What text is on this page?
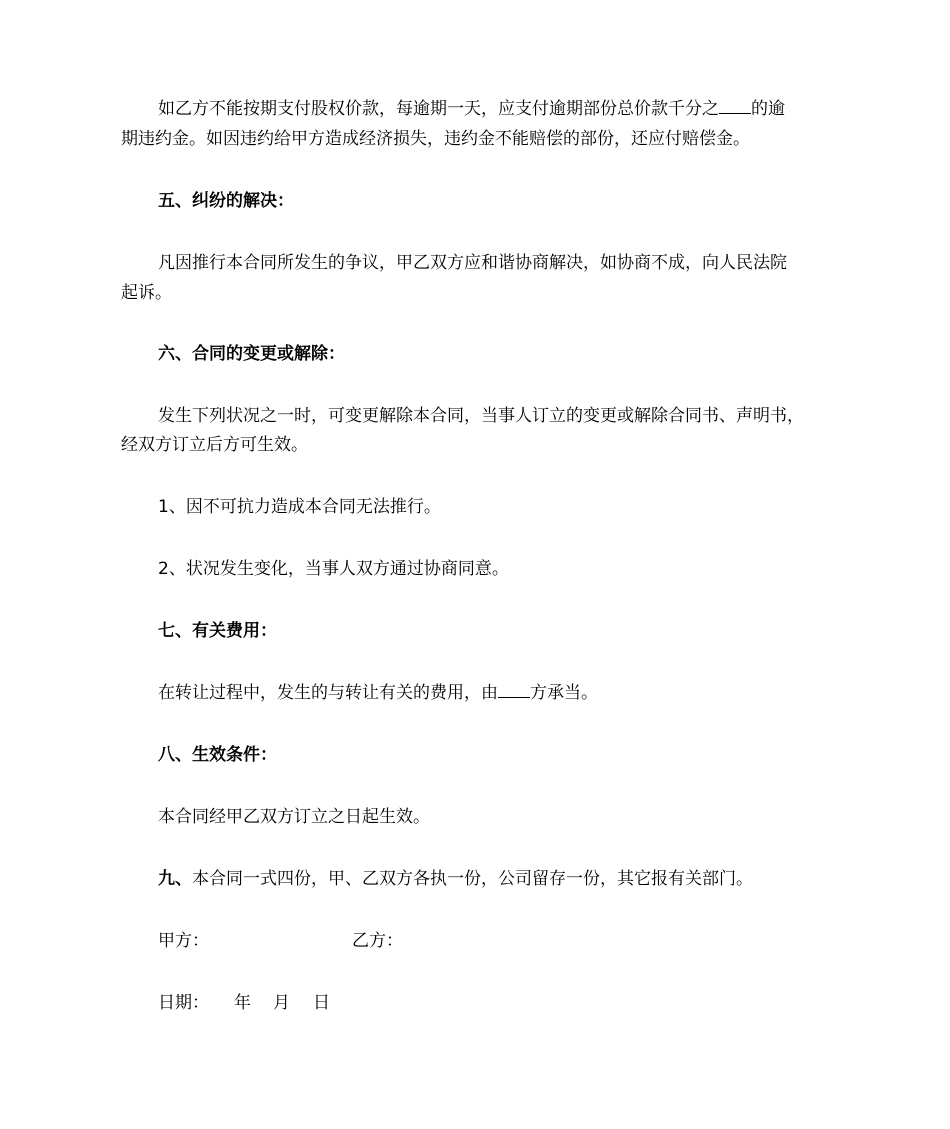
如乙方不能按期支付股权价款，每逾期一天，应支付逾期部份总价款千分之 的逾
期违约金。如因违约给甲方造成经济损失，违约金不能赔偿的部份，还应付赔偿金。
五、纠纷的解决：
凡因推行本合同所发生的争议，甲乙双方应和谐协商解决，如协商不成，向人民法院
起诉。
六、合同的变更或解除：
发生下列状况之一时，可变更解除本合同，当事人订立的变更或解除合同书、声明书，
经双方订立后方可生效。
1、因不可抗力造成本合同无法推行。
2、状况发生变化，当事人双方通过协商同意。
七、有关费用：
在转让过程中，发生的与转让有关的费用，由 方承当。
八、生效条件：
本合同经甲乙双方订立之日起生效。
九、本合同一式四份，甲、乙双方各执一份，公司留存一份，其它报有关部门。
甲方：	乙方：
日期： 年 月 日
